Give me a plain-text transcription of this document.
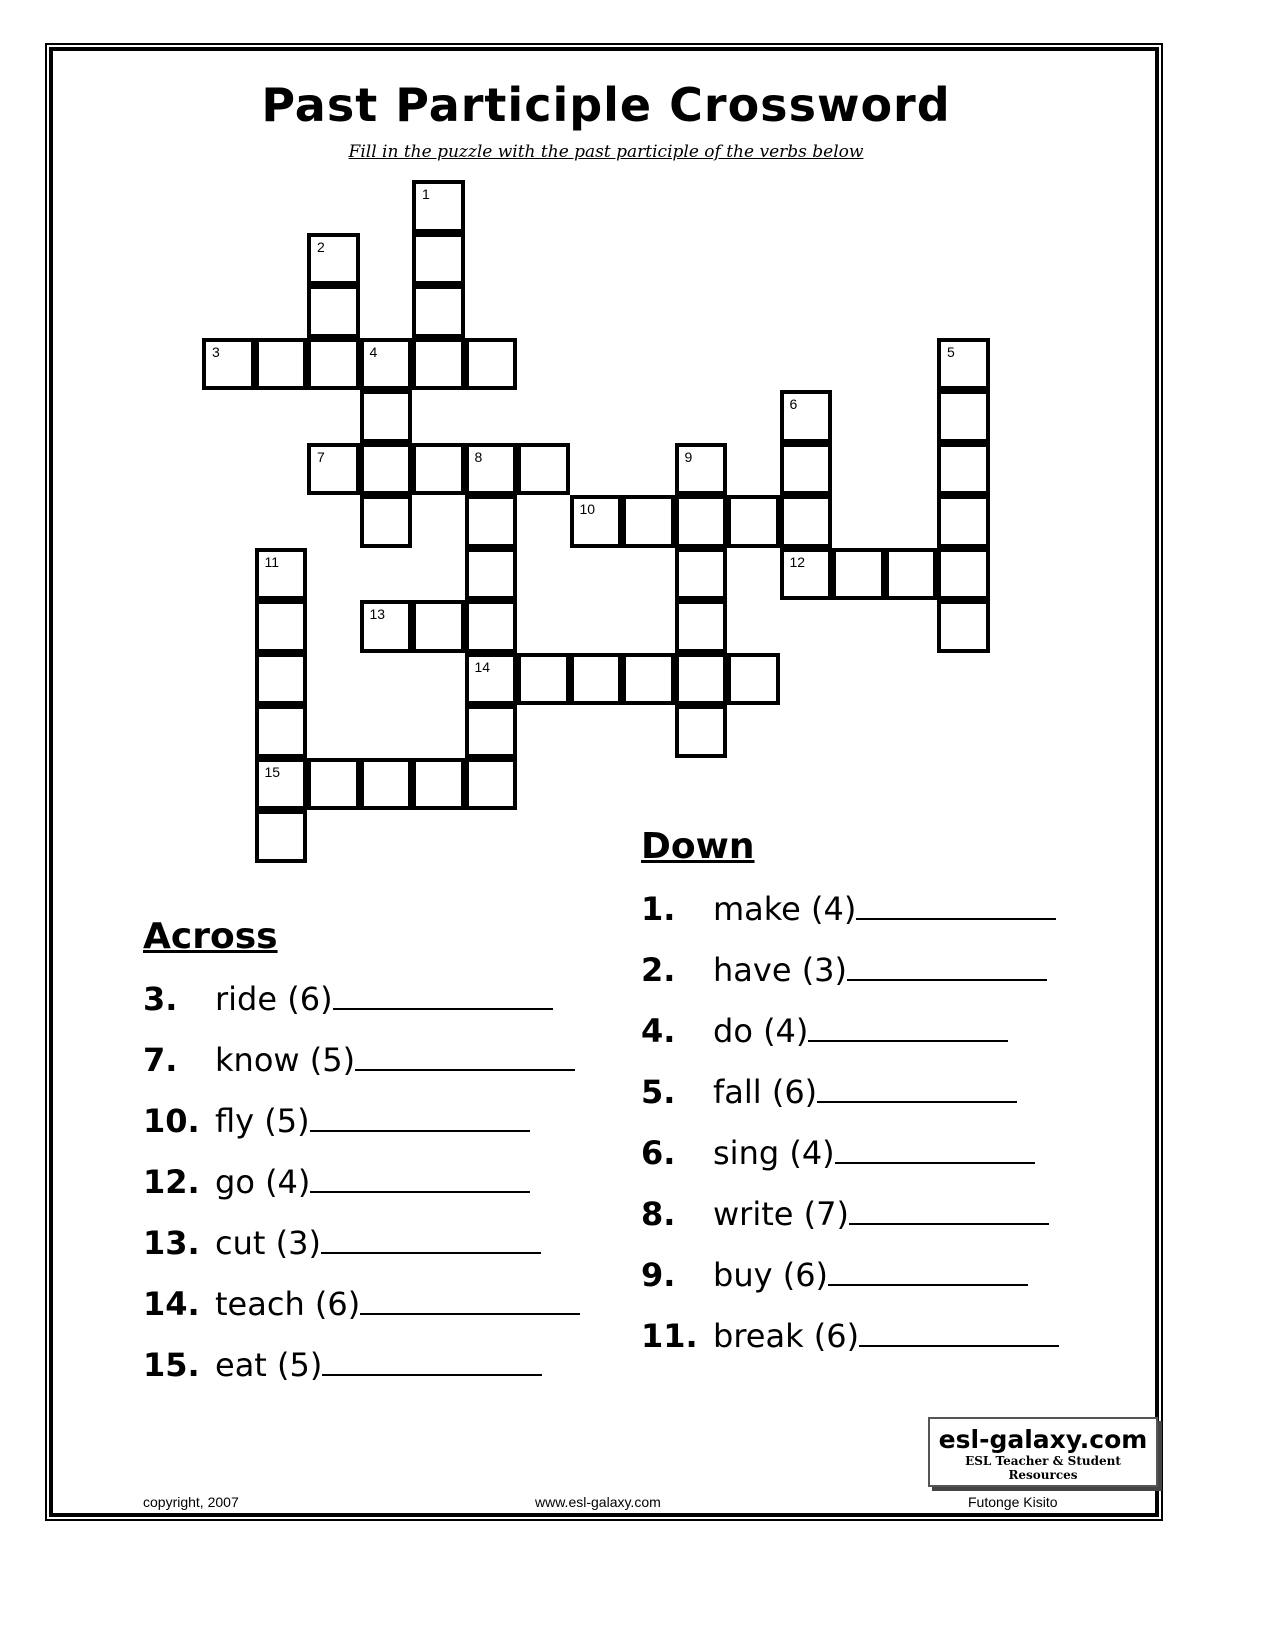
Past Participle Crossword
Fill in the puzzle with the past participle of the verbs below
1
2
3	4
7	8
14
10
9
6
12
5
11
15
13
Across
3. ride (6)
7. know (5)
10. fly (5)
12. go (4)
13. cut (3)
14. teach (6)
15. eat (5)
Down
1. make (4)
2. have (3)
4. do (4)
5. fall (6)
6. sing (4)
8. write (7)
9. buy (6)
11. break (6)
esl-galaxy.com
ESL Teacher & Student Resources
copyright, 2007	www.esl-galaxy.com	Futonge Kisito
